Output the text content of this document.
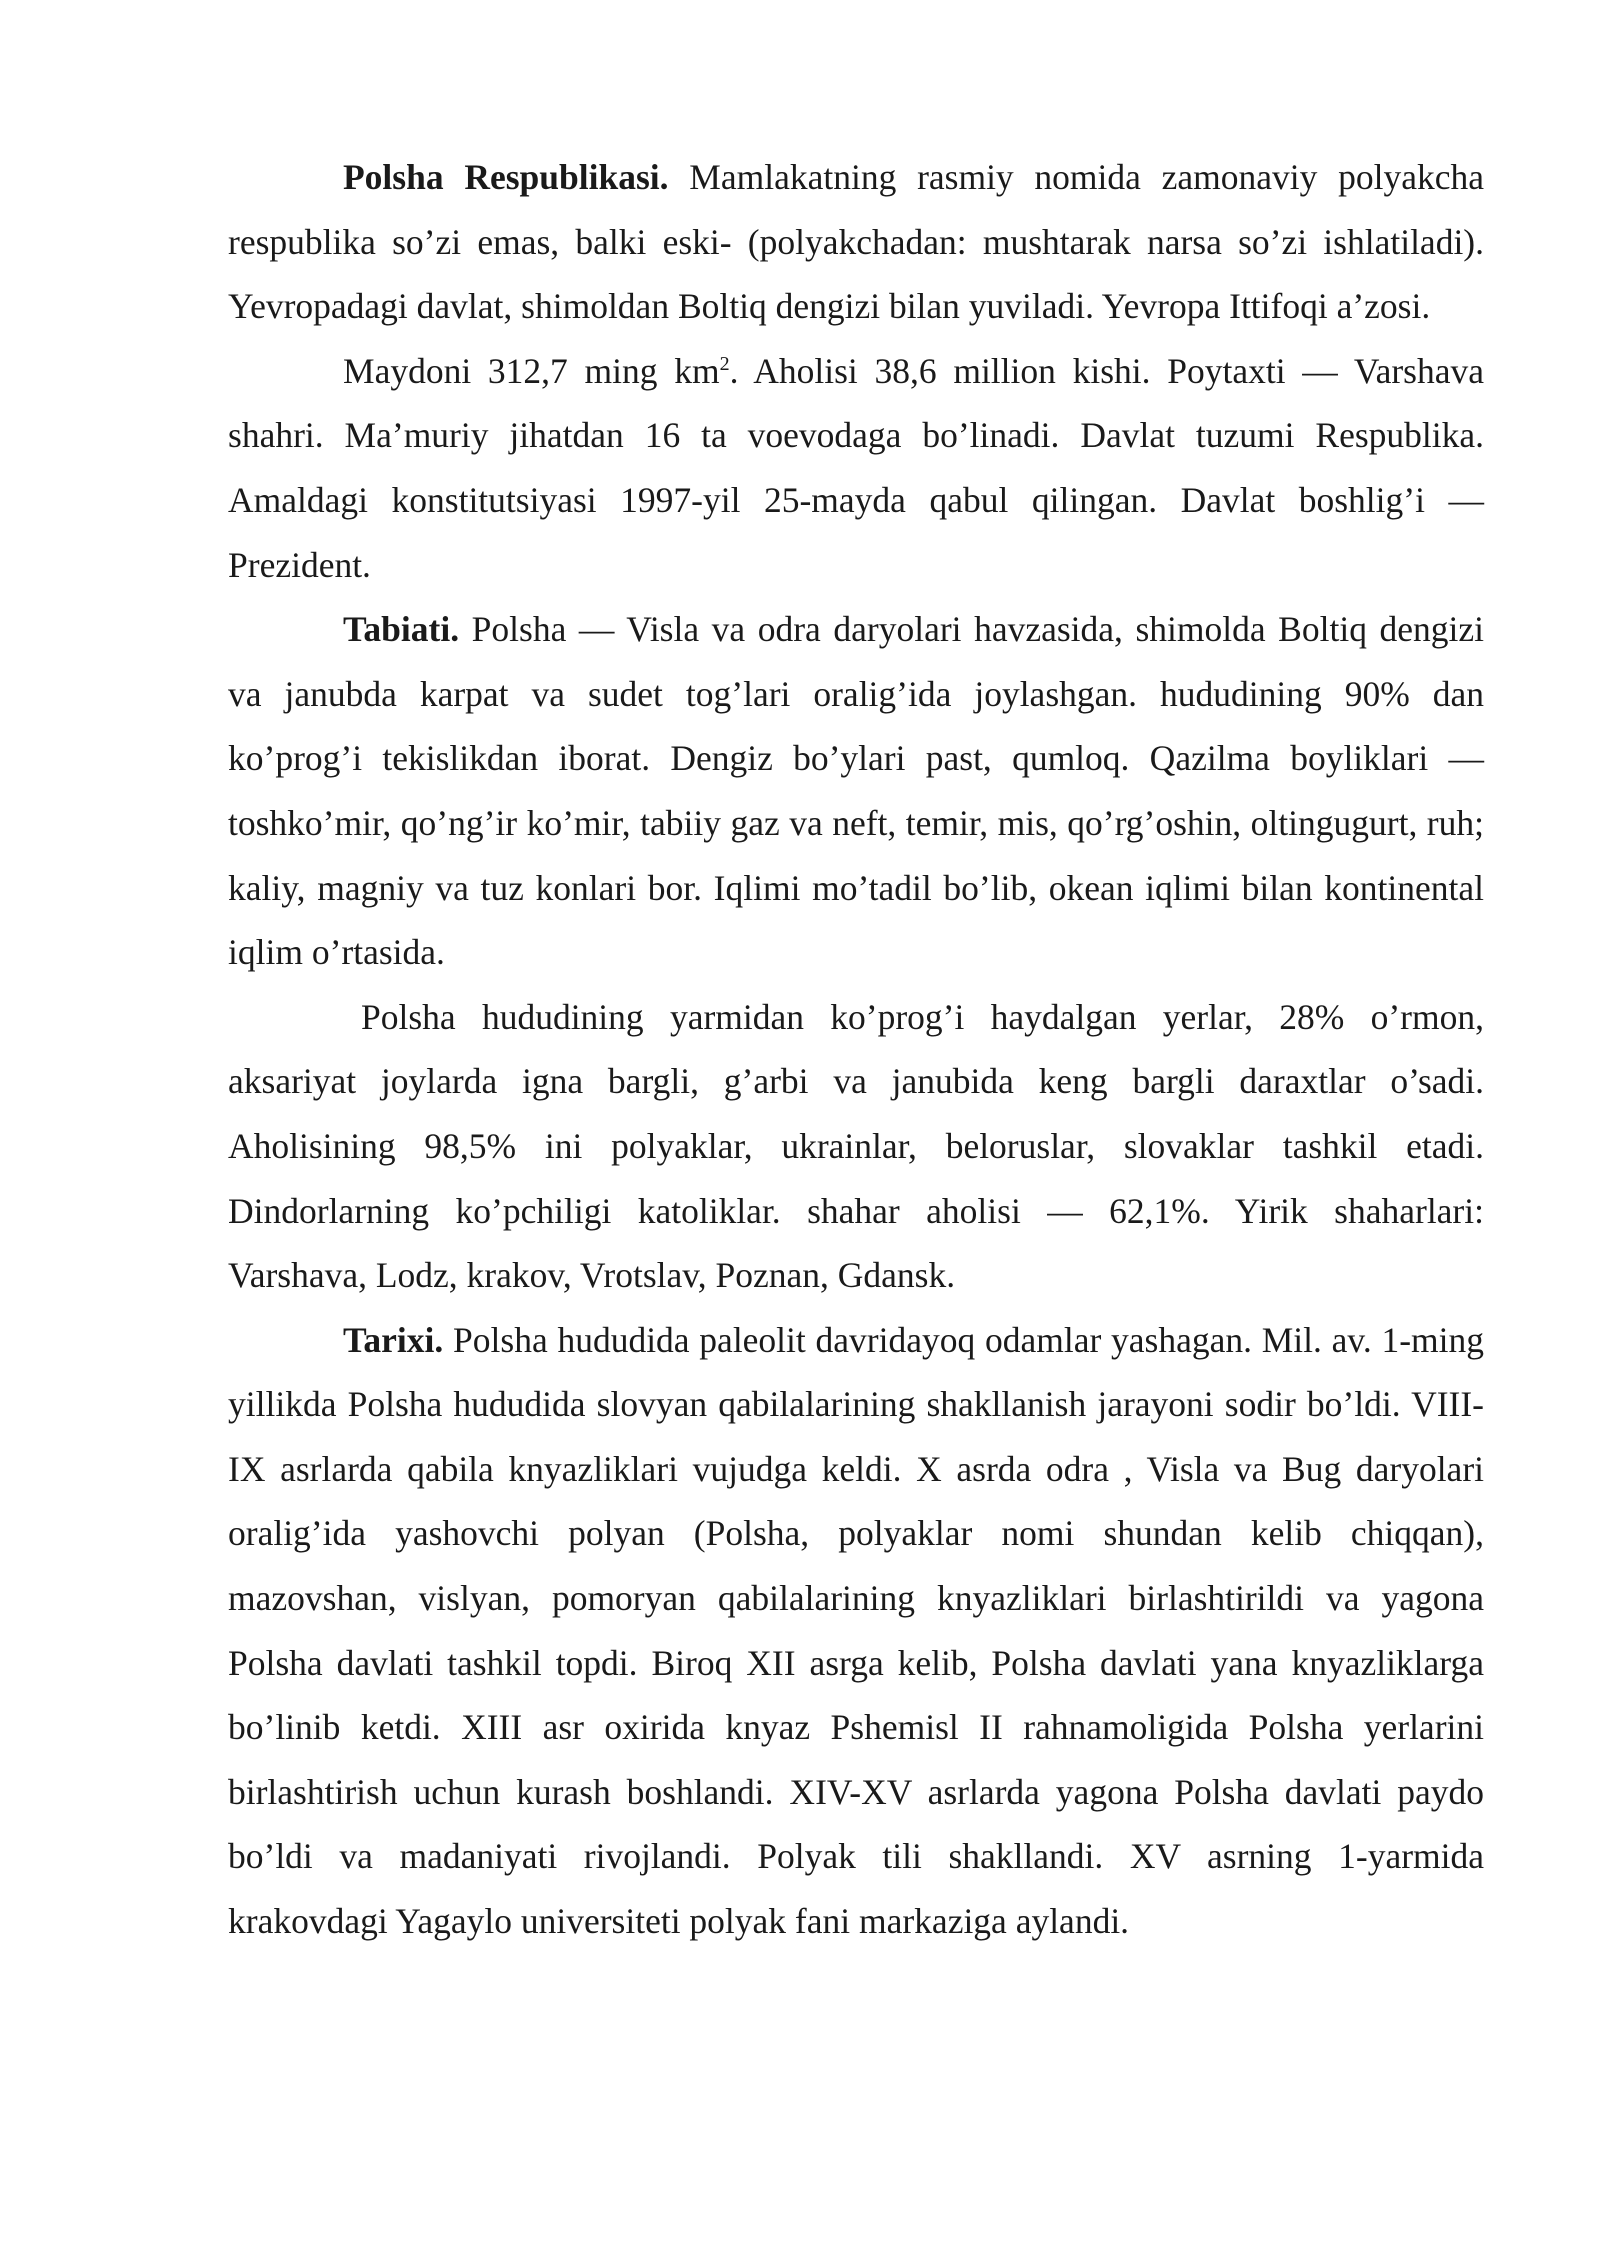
Polsha Respublikasi. Mamlakatning rasmiy nomida zamonaviy polyakcha respublika so’zi emas, balki eski- (polyakchadan: mushtarak narsa so’zi ishlatiladi). Yevropadagi davlat, shimoldan Boltiq dengizi bilan yuviladi. Yevropa Ittifoqi a’zosi.

Maydoni 312,7 ming $km^2$. Aholisi 38,6 million kishi. Poytaxti — Varshava shahri. Ma’muriy jihatdan 16 ta voevodaga bo’linadi. Davlat tuzumi Respublika. Amaldagi konstitutsiyasi 1997-yil 25-mayda qabul qilingan. Davlat boshlig’i — Prezident.

Tabiati. Polsha — Visla va odra daryolari havzasida, shimolda Boltiq dengizi va janubda karpat va sudet tog’lari oralig’ida joylashgan. hududining 90% dan ko’prog’i tekislikdan iborat. Dengiz bo’ylari past, qumloq. Qazilma boyliklari — toshko’mir, qo’ng’ir ko’mir, tabiiy gaz va neft, temir, mis, qo’rg’oshin, oltingugurt, ruh; kaliy, magniy va tuz konlari bor. Iqlimi mo’tadil bo’lib, okean iqlimi bilan kontinental iqlim o’rtasida.

Polsha hududining yarmidan ko’prog’i haydalgan yerlar, 28% o’rmon, aksariyat joylarda igna bargli, g’arbi va janubida keng bargli daraxtlar o’sadi. Aholisining 98,5% ini polyaklar, ukrainlar, beloruslar, slovaklar tashkil etadi. Dindorlarning ko’pchiligi katoliklar. shahar aholisi — 62,1%. Yirik shaharlari: Varshava, Lodz, krakov, Vrotslav, Poznan, Gdansk.

Tarixi. Polsha hududida paleolit davridayoq odamlar yashagan. Mil. av. 1-ming yillikda Polsha hududida slovyan qabilalarining shakllanish jarayoni sodir bo’ldi. VIII-IX asrlarda qabila knyazliklari vujudga keldi. X asrda odra , Visla va Bug daryolari oralig’ida yashovchi polyan (Polsha, polyaklar nomi shundan kelib chiqqan), mazovshan, vislyan, pomoryan qabilalarining knyazliklari birlashtirildi va yagona Polsha davlati tashkil topdi. Biroq XII asrga kelib, Polsha davlati yana knyazliklarga bo’linib ketdi. XIII asr oxirida knyaz Pshemisl II rahnamoligida Polsha yerlarini birlashtirish uchun kurash boshlandi. XIV-XV asrlarda yagona Polsha davlati paydo bo’ldi va madaniyati rivojlandi. Polyak tili shakllandi. XV asrning 1-yarmida krakovdagi Yagaylo universiteti polyak fani markaziga aylandi.
